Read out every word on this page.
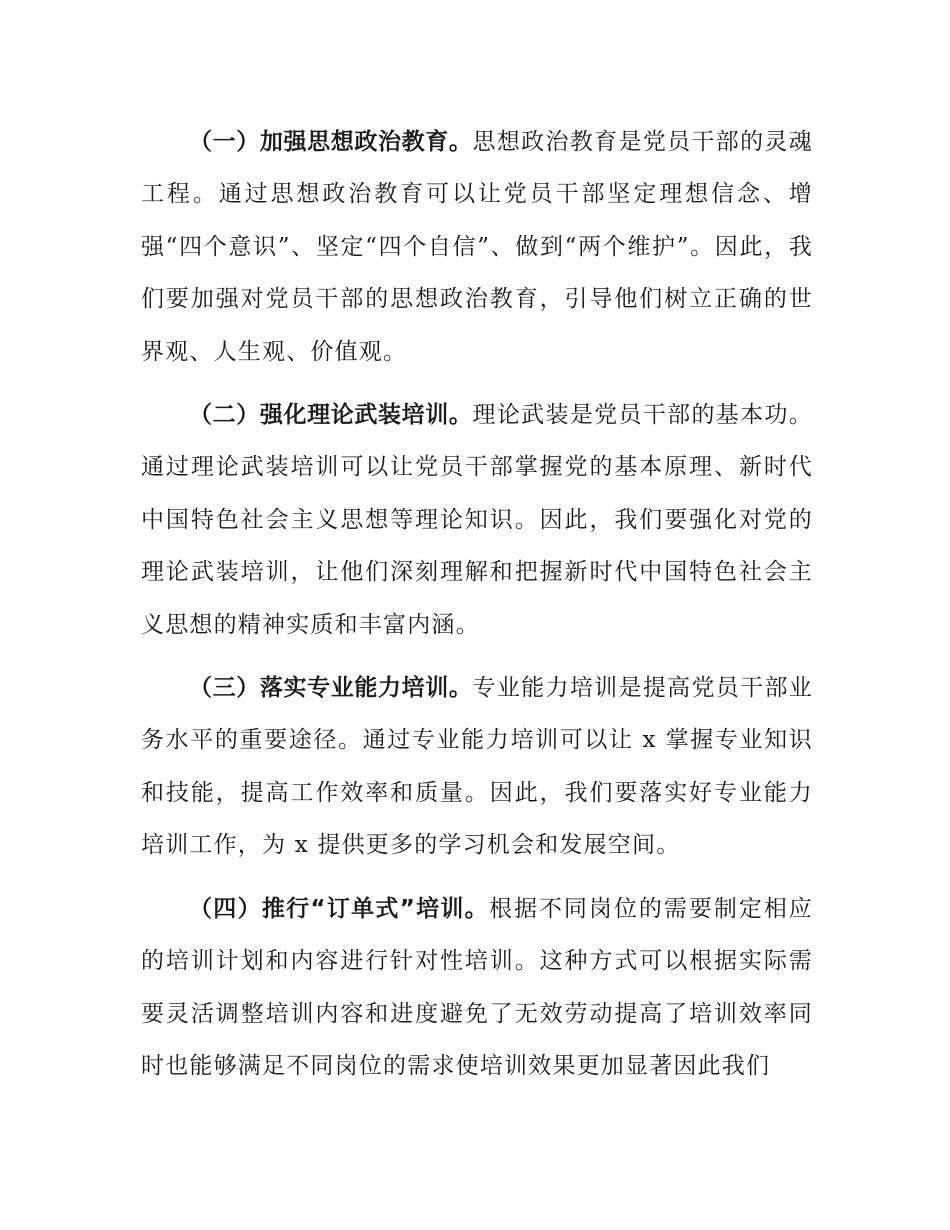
（一）加强思想政治教育。思想政治教育是党员干部的灵魂工程。通过思想政治教育可以让党员干部坚定理想信念、增强“四个意识”、坚定“四个自信”、做到“两个维护”。因此，我们要加强对党员干部的思想政治教育，引导他们树立正确的世界观、人生观、价值观。

（二）强化理论武装培训。理论武装是党员干部的基本功。通过理论武装培训可以让党员干部掌握党的基本原理、新时代中国特色社会主义思想等理论知识。因此，我们要强化对党的理论武装培训，让他们深刻理解和把握新时代中国特色社会主义思想的精神实质和丰富内涵。

（三）落实专业能力培训。专业能力培训是提高党员干部业务水平的重要途径。通过专业能力培训可以让 x 掌握专业知识和技能，提高工作效率和质量。因此，我们要落实好专业能力培训工作，为 x 提供更多的学习机会和发展空间。

（四）推行“订单式”培训。根据不同岗位的需要制定相应的培训计划和内容进行针对性培训。这种方式可以根据实际需要灵活调整培训内容和进度避免了无效劳动提高了培训效率同时也能够满足不同岗位的需求使培训效果更加显著因此我们
